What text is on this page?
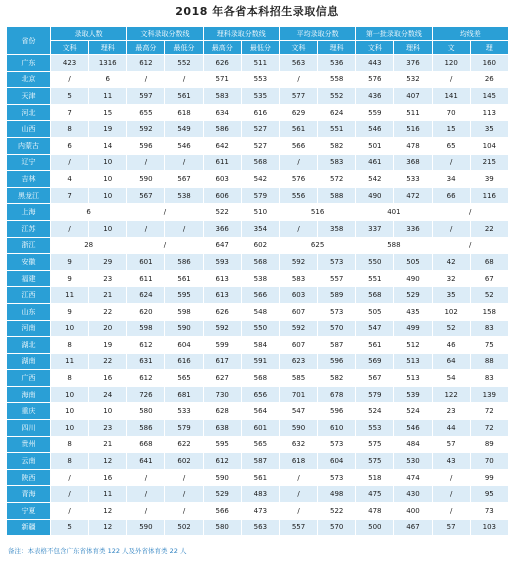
2018 年各省本科招生录取信息
省份	录取人数		文科录取分数线		理科录取分数线		平均录取分数		第一批录取分数线		均线差	
	文科	理科	最高分	最低分	最高分	最低分	文科	理科	文科	理科	文	理
广东	423	1316	612	552	626	511	563	536	443	376	120	160
北京	/	6	/	/	571	553	/	558	576	532	/	26
天津	5	11	597	561	583	535	577	552	436	407	141	145
河北	7	15	655	618	634	616	629	624	559	511	70	113
山西	8	19	592	549	586	527	561	551	546	516	15	35
内蒙古	6	14	596	546	642	527	566	582	501	478	65	104
辽宁	/	10	/	/	611	568	/	583	461	368	/	215
吉林	4	10	590	567	603	542	576	572	542	533	34	39
黑龙江	7	10	567	538	606	579	556	588	490	472	66	116
上海	6		/		522	510	516		401		/	
江苏	/	10	/	/	366	354	/	358	337	336	/	22
浙江	28		/		647	602	625		588		/	
安徽	9	29	601	586	593	568	592	573	550	505	42	68
福建	9	23	611	561	613	538	583	557	551	490	32	67
江西	11	21	624	595	613	566	603	589	568	529	35	52
山东	9	22	620	598	626	548	607	573	505	435	102	158
河南	10	20	598	590	592	550	592	570	547	499	52	83
湖北	8	19	612	604	599	584	607	587	561	512	46	75
湖南	11	22	631	616	617	591	623	596	569	513	64	88
广西	8	16	612	565	627	568	585	582	567	513	54	83
海南	10	24	726	681	730	656	701	678	579	539	122	139
重庆	10	10	580	533	628	564	547	596	524	524	23	72
四川	10	23	586	579	638	601	590	610	553	546	44	72
贵州	8	21	668	622	595	565	632	573	575	484	57	89
云南	8	12	641	602	612	587	618	604	575	530	43	70
陕西	/	16	/	/	590	561	/	573	518	474	/	99
青海	/	11	/	/	529	483	/	498	475	430	/	95
宁夏	/	12	/	/	566	473	/	522	478	400	/	73
新疆	5	12	590	502	580	563	557	570	500	467	57	103
备注：本表格不包含广东省体育类 122 人及外省体育类 22 人
